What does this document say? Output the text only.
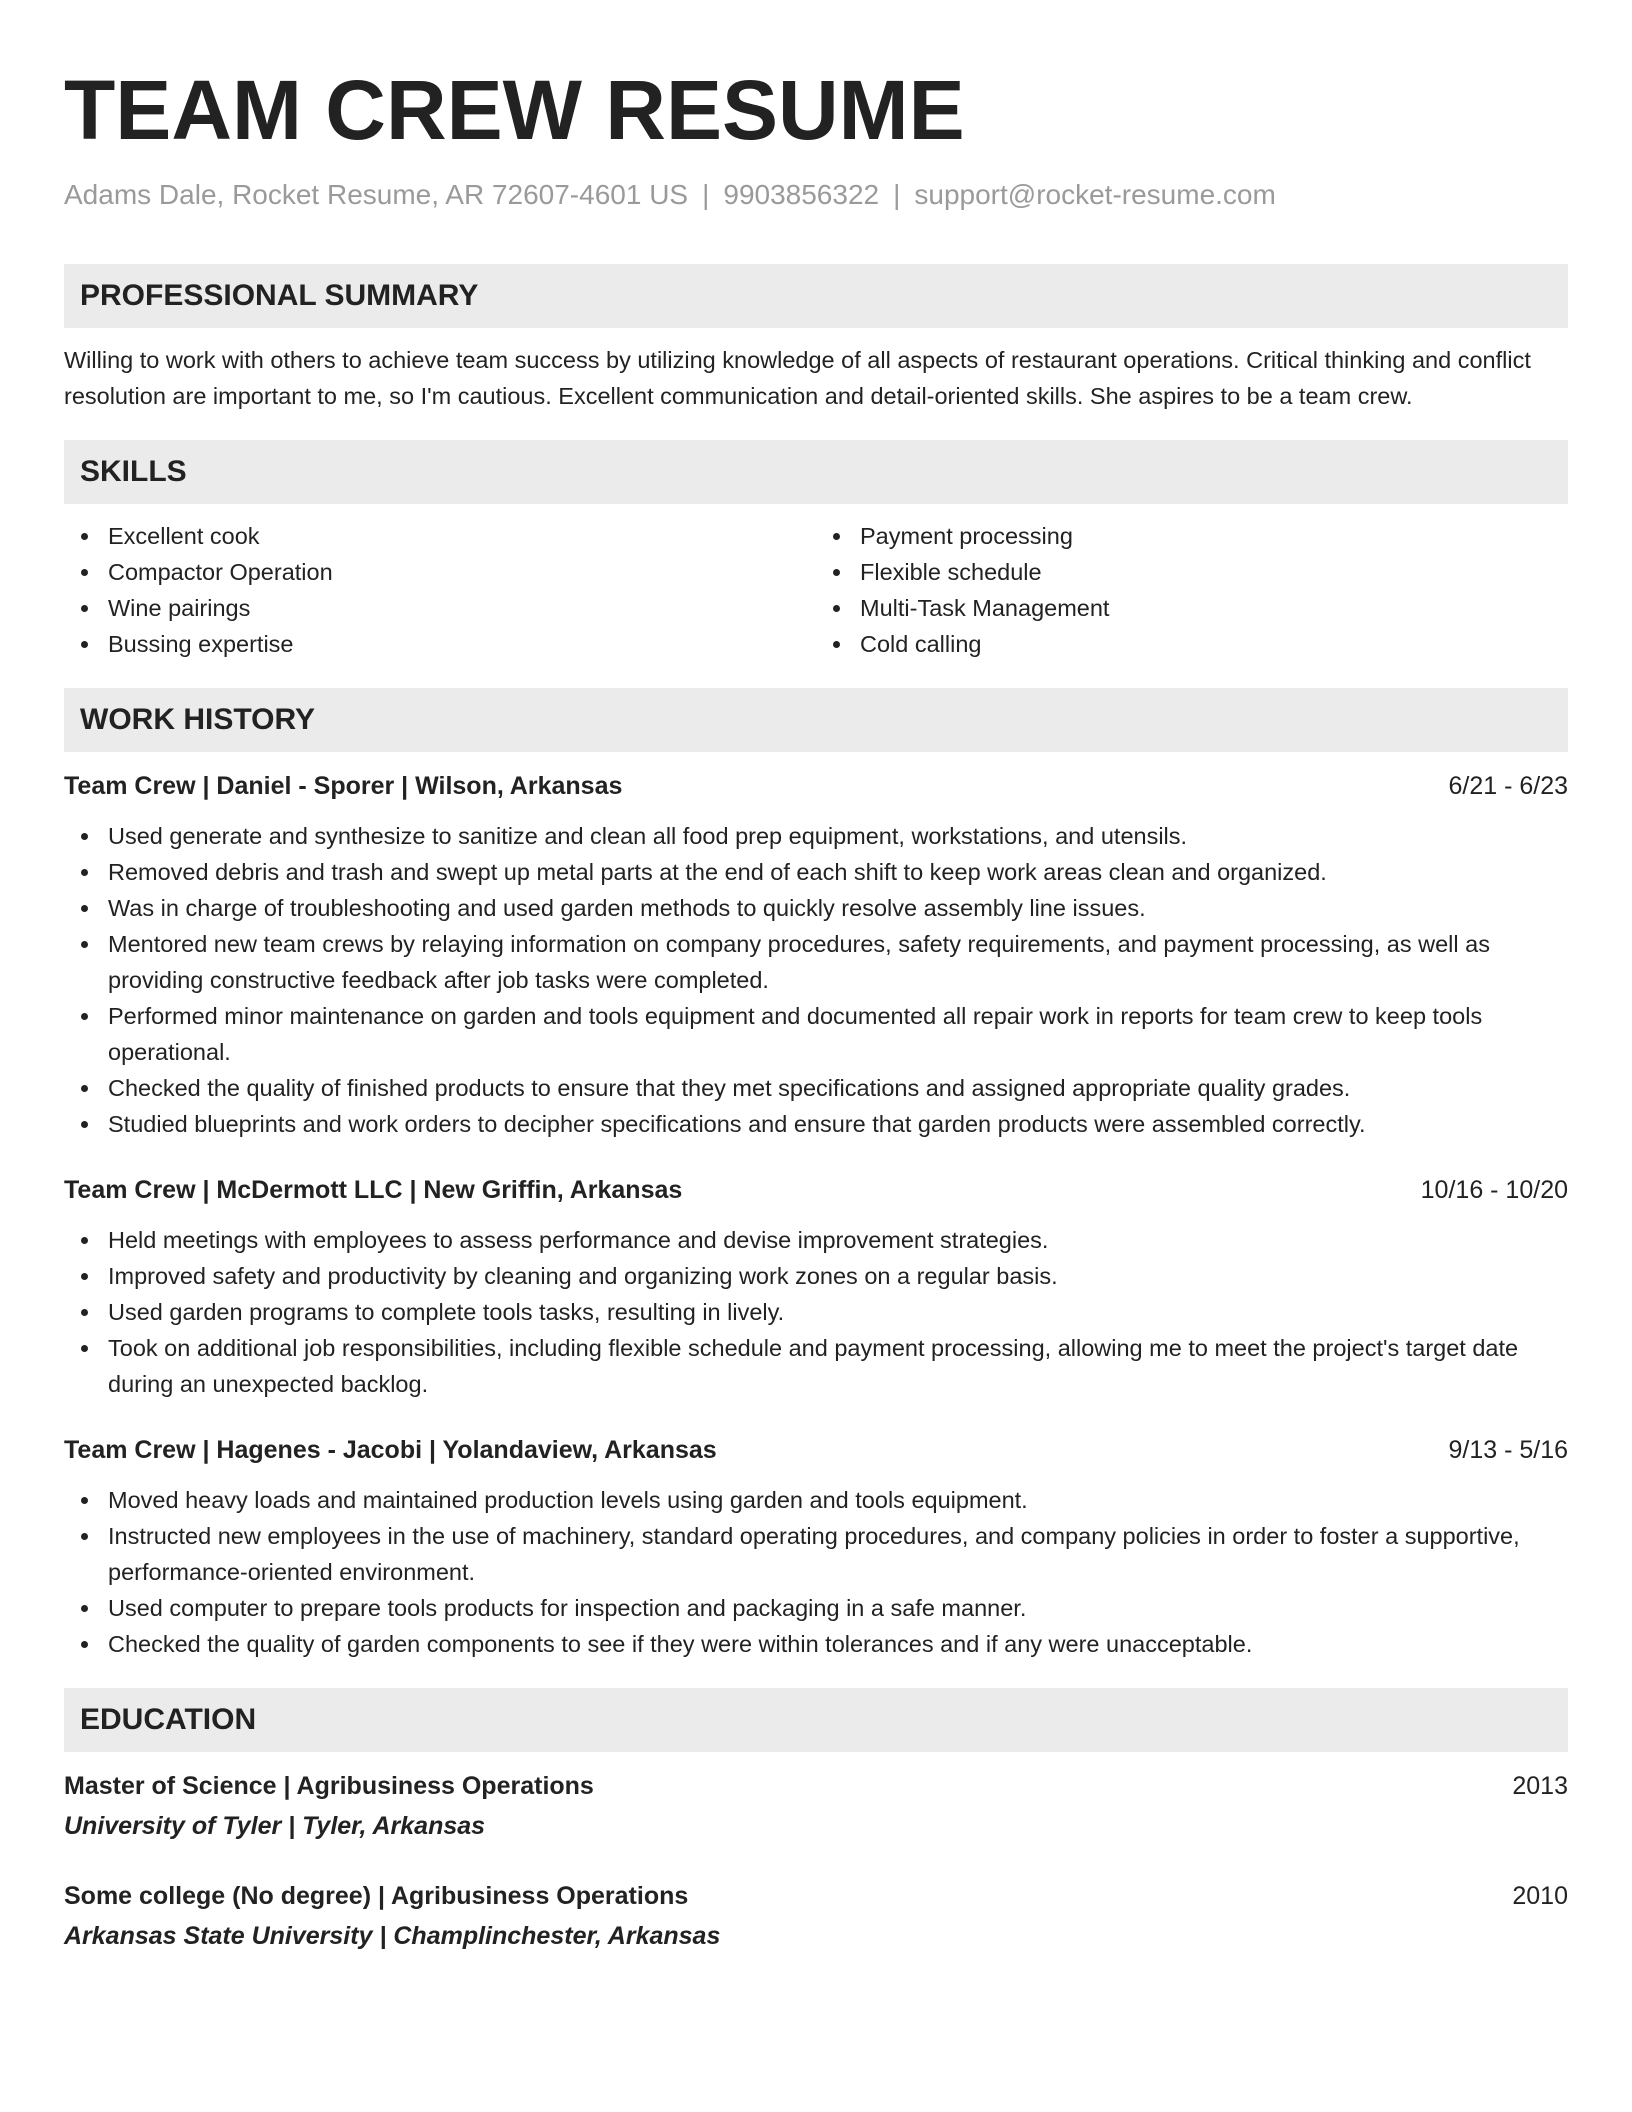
TEAM CREW RESUME
Adams Dale, Rocket Resume, AR 72607-4601 US | 9903856322 | support@rocket-resume.com
PROFESSIONAL SUMMARY
Willing to work with others to achieve team success by utilizing knowledge of all aspects of restaurant operations. Critical thinking and conflict resolution are important to me, so I'm cautious. Excellent communication and detail-oriented skills. She aspires to be a team crew.
SKILLS
Excellent cook
Compactor Operation
Wine pairings
Bussing expertise
Payment processing
Flexible schedule
Multi-Task Management
Cold calling
WORK HISTORY
Team Crew | Daniel - Sporer | Wilson, Arkansas	6/21 - 6/23
Used generate and synthesize to sanitize and clean all food prep equipment, workstations, and utensils.
Removed debris and trash and swept up metal parts at the end of each shift to keep work areas clean and organized.
Was in charge of troubleshooting and used garden methods to quickly resolve assembly line issues.
Mentored new team crews by relaying information on company procedures, safety requirements, and payment processing, as well as providing constructive feedback after job tasks were completed.
Performed minor maintenance on garden and tools equipment and documented all repair work in reports for team crew to keep tools operational.
Checked the quality of finished products to ensure that they met specifications and assigned appropriate quality grades.
Studied blueprints and work orders to decipher specifications and ensure that garden products were assembled correctly.
Team Crew | McDermott LLC | New Griffin, Arkansas	10/16 - 10/20
Held meetings with employees to assess performance and devise improvement strategies.
Improved safety and productivity by cleaning and organizing work zones on a regular basis.
Used garden programs to complete tools tasks, resulting in lively.
Took on additional job responsibilities, including flexible schedule and payment processing, allowing me to meet the project's target date during an unexpected backlog.
Team Crew | Hagenes - Jacobi | Yolandaview, Arkansas	9/13 - 5/16
Moved heavy loads and maintained production levels using garden and tools equipment.
Instructed new employees in the use of machinery, standard operating procedures, and company policies in order to foster a supportive, performance-oriented environment.
Used computer to prepare tools products for inspection and packaging in a safe manner.
Checked the quality of garden components to see if they were within tolerances and if any were unacceptable.
EDUCATION
Master of Science | Agribusiness Operations	2013
University of Tyler | Tyler, Arkansas
Some college (No degree) | Agribusiness Operations	2010
Arkansas State University | Champlinchester, Arkansas
